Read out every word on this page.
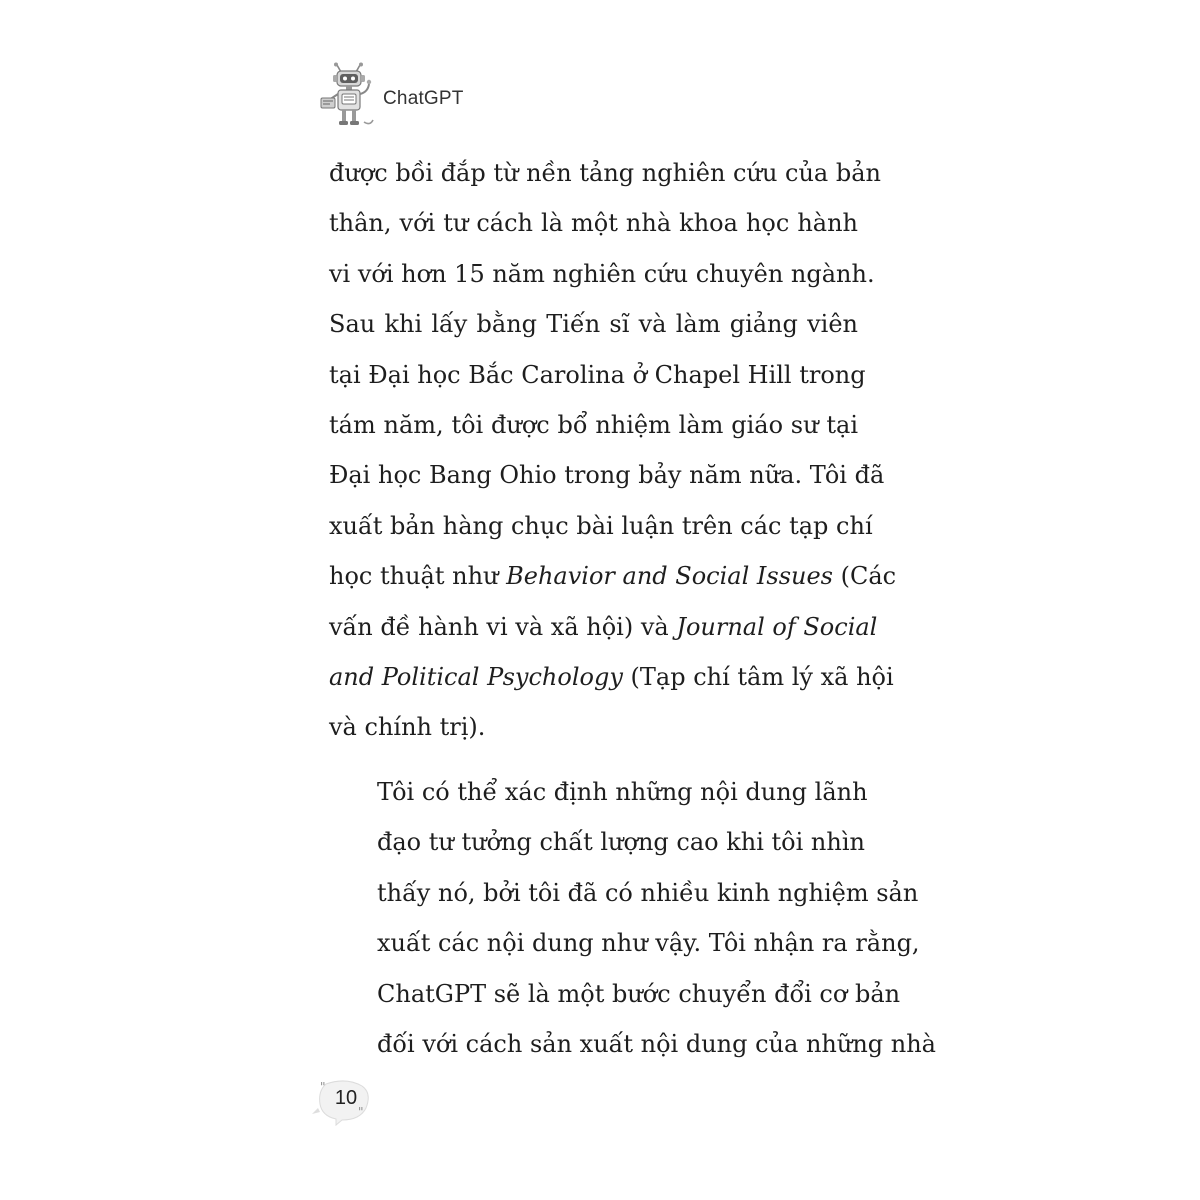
ChatGPT

được bồi đắp từ nền tảng nghiên cứu của bản
thân, với tư cách là một nhà khoa học hành
vi với hơn 15 năm nghiên cứu chuyên ngành.
Sau khi lấy bằng Tiến sĩ và làm giảng viên
tại Đại học Bắc Carolina ở Chapel Hill trong
tám năm, tôi được bổ nhiệm làm giáo sư tại
Đại học Bang Ohio trong bảy năm nữa. Tôi đã
xuất bản hàng chục bài luận trên các tạp chí
học thuật như Behavior and Social Issues (Các
vấn đề hành vi và xã hội) và Journal of Social
and Political Psychology (Tạp chí tâm lý xã hội
và chính trị).

Tôi có thể xác định những nội dung lãnh
đạo tư tưởng chất lượng cao khi tôi nhìn
thấy nó, bởi tôi đã có nhiều kinh nghiệm sản
xuất các nội dung như vậy. Tôi nhận ra rằng,
ChatGPT sẽ là một bước chuyển đổi cơ bản
đối với cách sản xuất nội dung của những nhà

"
"
10
